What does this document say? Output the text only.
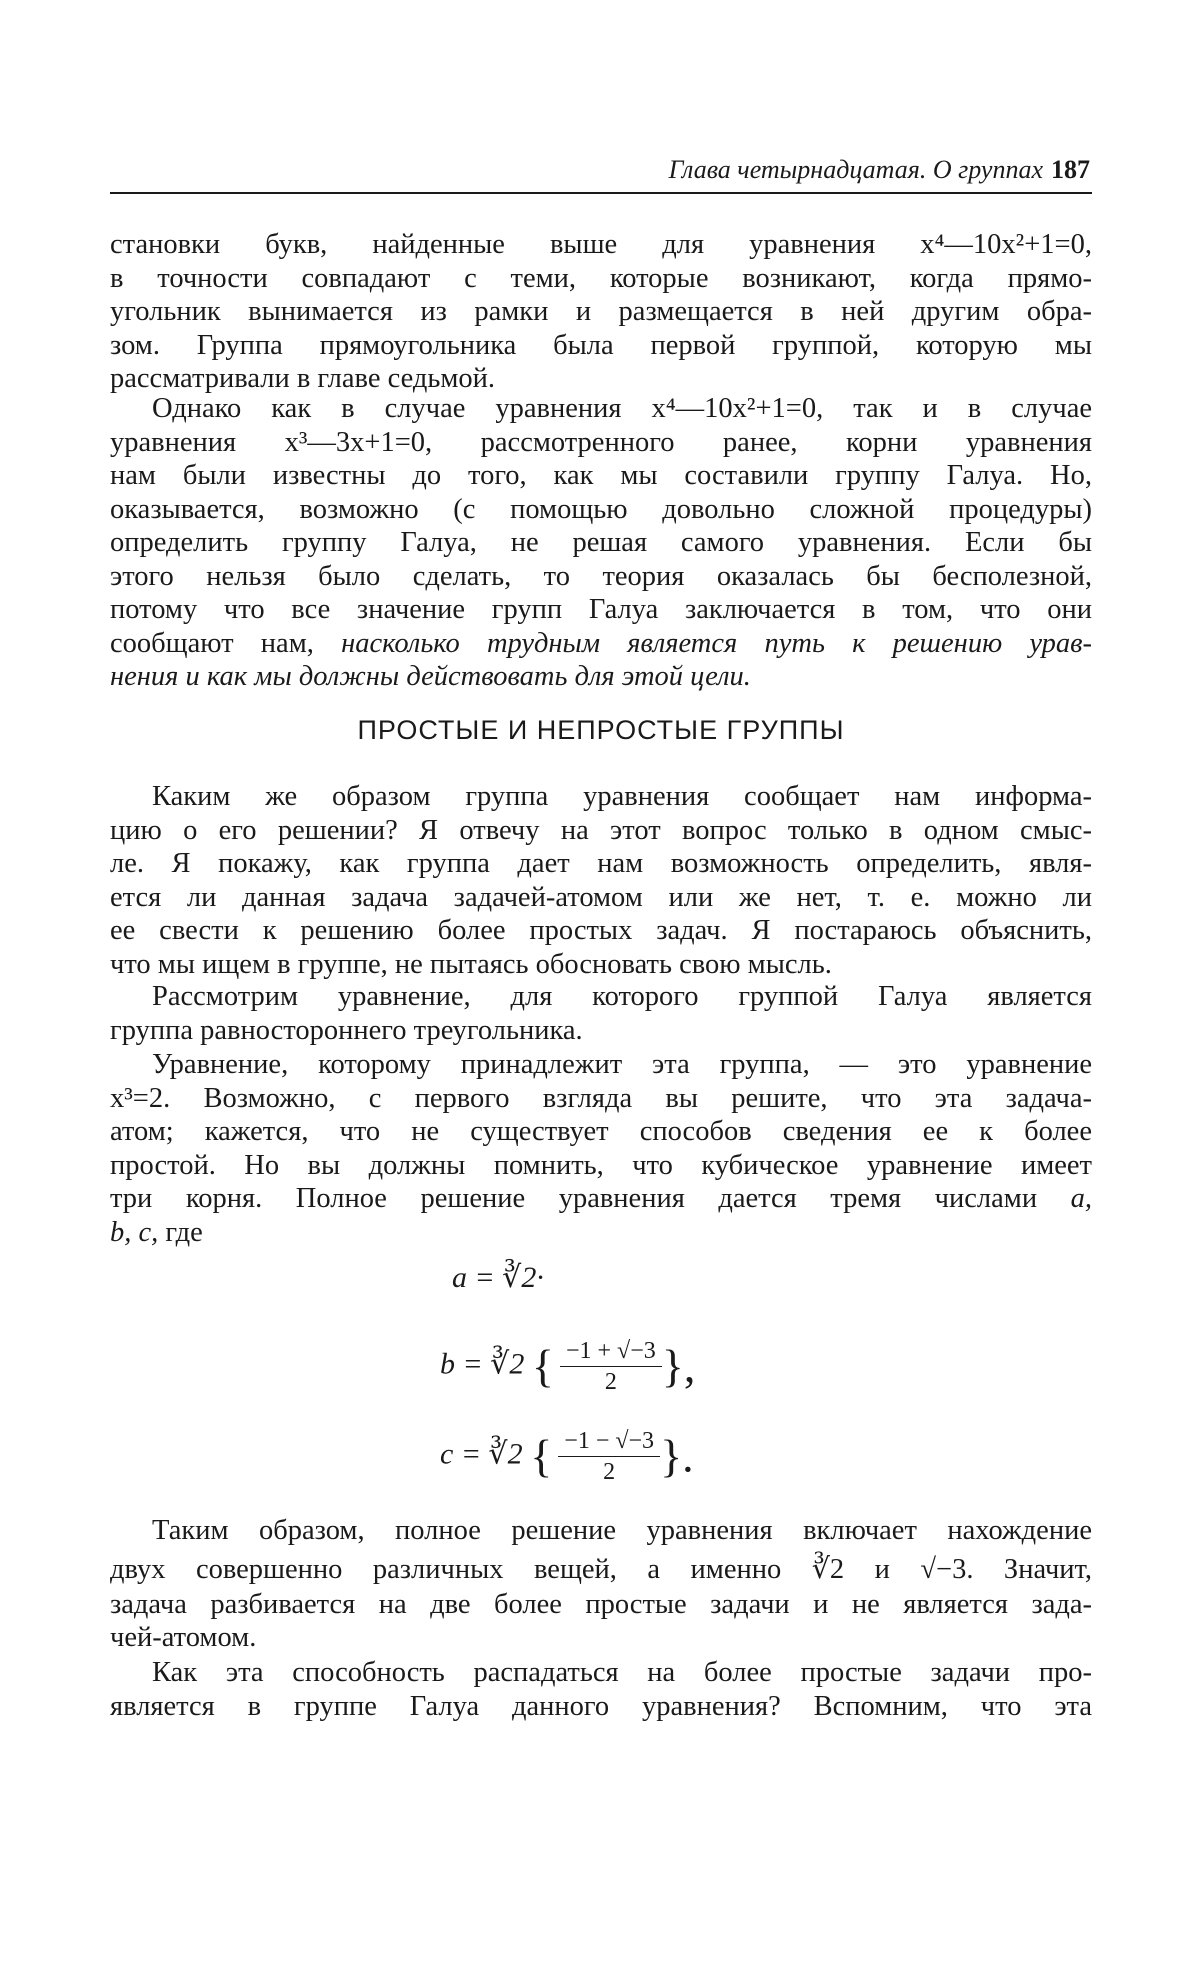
Глава четырнадцатая. О группах 187
становки букв, найденные выше для уравнения x⁴—10x²+1=0,
в точности совпадают с теми, которые возникают, когда прямо-
угольник вынимается из рамки и размещается в ней другим обра-
зом. Группа прямоугольника была первой группой, которую мы
рассматривали в главе седьмой.
Однако как в случае уравнения x⁴—10x²+1=0, так и в случае
уравнения x³—3x+1=0, рассмотренного ранее, корни уравнения
нам были известны до того, как мы составили группу Галуа. Но,
оказывается, возможно (с помощью довольно сложной процедуры)
определить группу Галуа, не решая самого уравнения. Если бы
этого нельзя было сделать, то теория оказалась бы бесполезной,
потому что все значение групп Галуа заключается в том, что они
сообщают нам, насколько трудным является путь к решению урав-
нения и как мы должны действовать для этой цели.
ПРОСТЫЕ И НЕПРОСТЫЕ ГРУППЫ
Каким же образом группа уравнения сообщает нам информа-
цию о его решении? Я отвечу на этот вопрос только в одном смыс-
ле. Я покажу, как группа дает нам возможность определить, явля-
ется ли данная задача задачей-атомом или же нет, т. е. можно ли
ее свести к решению более простых задач. Я постараюсь объяснить,
что мы ищем в группе, не пытаясь обосновать свою мысль.
Рассмотрим уравнение, для которого группой Галуа является
группа равностороннего треугольника.
Уравнение, которому принадлежит эта группа, — это уравнение
x³=2. Возможно, с первого взгляда вы решите, что эта задача-
атом; кажется, что не существует способов сведения ее к более
простой. Но вы должны помнить, что кубическое уравнение имеет
три корня. Полное решение уравнения дается тремя числами a,
b, c, где
a = ∛2·
b = ∛2 { $\frac{-1 + √-3}{2}$ },
c = ∛2 { $\frac{-1 - √-3}{2}$ }.
Таким образом, полное решение уравнения включает нахождение
двух совершенно различных вещей, а именно ∛2 и √−3. Значит,
задача разбивается на две более простые задачи и не является зада-
чей-атомом.
Как эта способность распадаться на более простые задачи про-
является в группе Галуа данного уравнения? Вспомним, что эта
